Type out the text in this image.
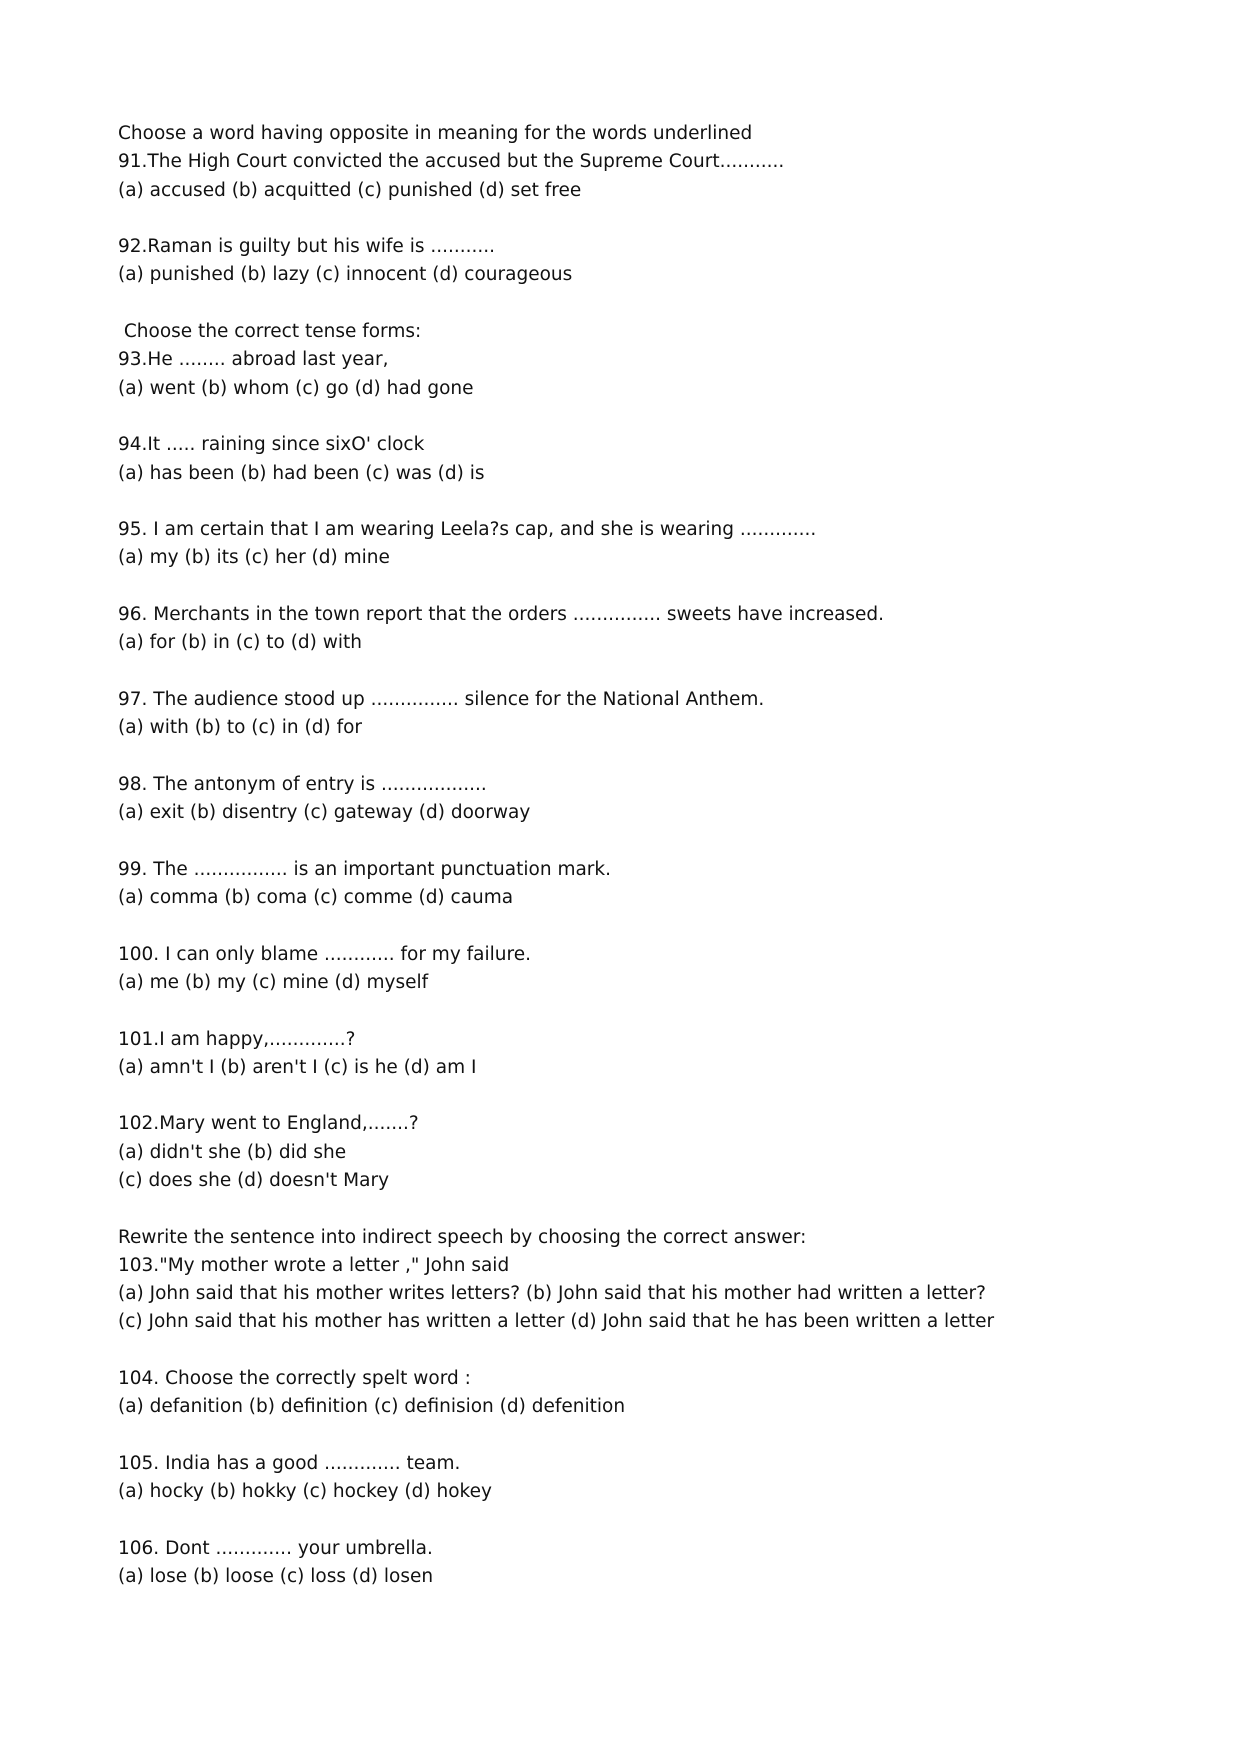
Choose a word having opposite in meaning for the words underlined
91.The High Court convicted the accused but the Supreme Court...........
(a) accused (b) acquitted (c) punished (d) set free
92.Raman is guilty but his wife is ...........
(a) punished (b) lazy (c) innocent (d) courageous
Choose the correct tense forms:
93.He ........ abroad last year,
(a) went (b) whom (c) go (d) had gone
94.It ..... raining since sixO' clock
(a) has been (b) had been (c) was (d) is
95. I am certain that I am wearing Leela?s cap, and she is wearing .............
(a) my (b) its (c) her (d) mine
96. Merchants in the town report that the orders ............... sweets have increased.
(a) for (b) in (c) to (d) with
97. The audience stood up ............... silence for the National Anthem.
(a) with (b) to (c) in (d) for
98. The antonym of entry is ..................
(a) exit (b) disentry (c) gateway (d) doorway
99. The ................ is an important punctuation mark.
(a) comma (b) coma (c) comme (d) cauma
100. I can only blame ............ for my failure.
(a) me (b) my (c) mine (d) myself
101.I am happy,.............?
(a) amn't I (b) aren't I (c) is he (d) am I
102.Mary went to England,.......?
(a) didn't she (b) did she
(c) does she (d) doesn't Mary
Rewrite the sentence into indirect speech by choosing the correct answer:
103."My mother wrote a letter ," John said
(a) John said that his mother writes letters? (b) John said that his mother had written a letter?
(c) John said that his mother has written a letter (d) John said that he has been written a letter
104. Choose the correctly spelt word :
(a) defanition (b) definition (c) definision (d) defenition
105. India has a good ............. team.
(a) hocky (b) hokky (c) hockey (d) hokey
106. Dont ............. your umbrella.
(a) lose (b) loose (c) loss (d) losen
